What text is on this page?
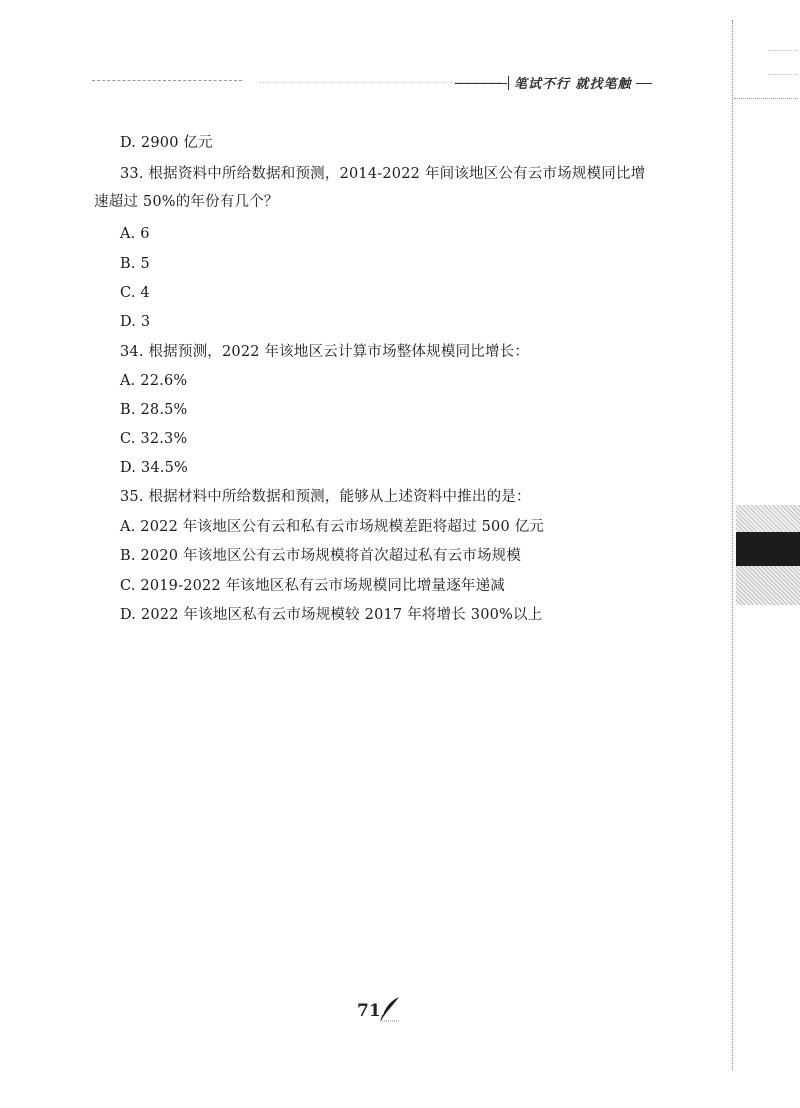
笔试不行 就找笔触
D. 2900 亿元
33. 根据资料中所给数据和预测，2014-2022 年间该地区公有云市场规模同比增
速超过 50%的年份有几个？
A. 6
B. 5
C. 4
D. 3
34. 根据预测，2022 年该地区云计算市场整体规模同比增长：
A. 22.6%
B. 28.5%
C. 32.3%
D. 34.5%
35. 根据材料中所给数据和预测，能够从上述资料中推出的是：
A. 2022 年该地区公有云和私有云市场规模差距将超过 500 亿元
B. 2020 年该地区公有云市场规模将首次超过私有云市场规模
C. 2019-2022 年该地区私有云市场规模同比增量逐年递减
D. 2022 年该地区私有云市场规模较 2017 年将增长 300%以上
71
